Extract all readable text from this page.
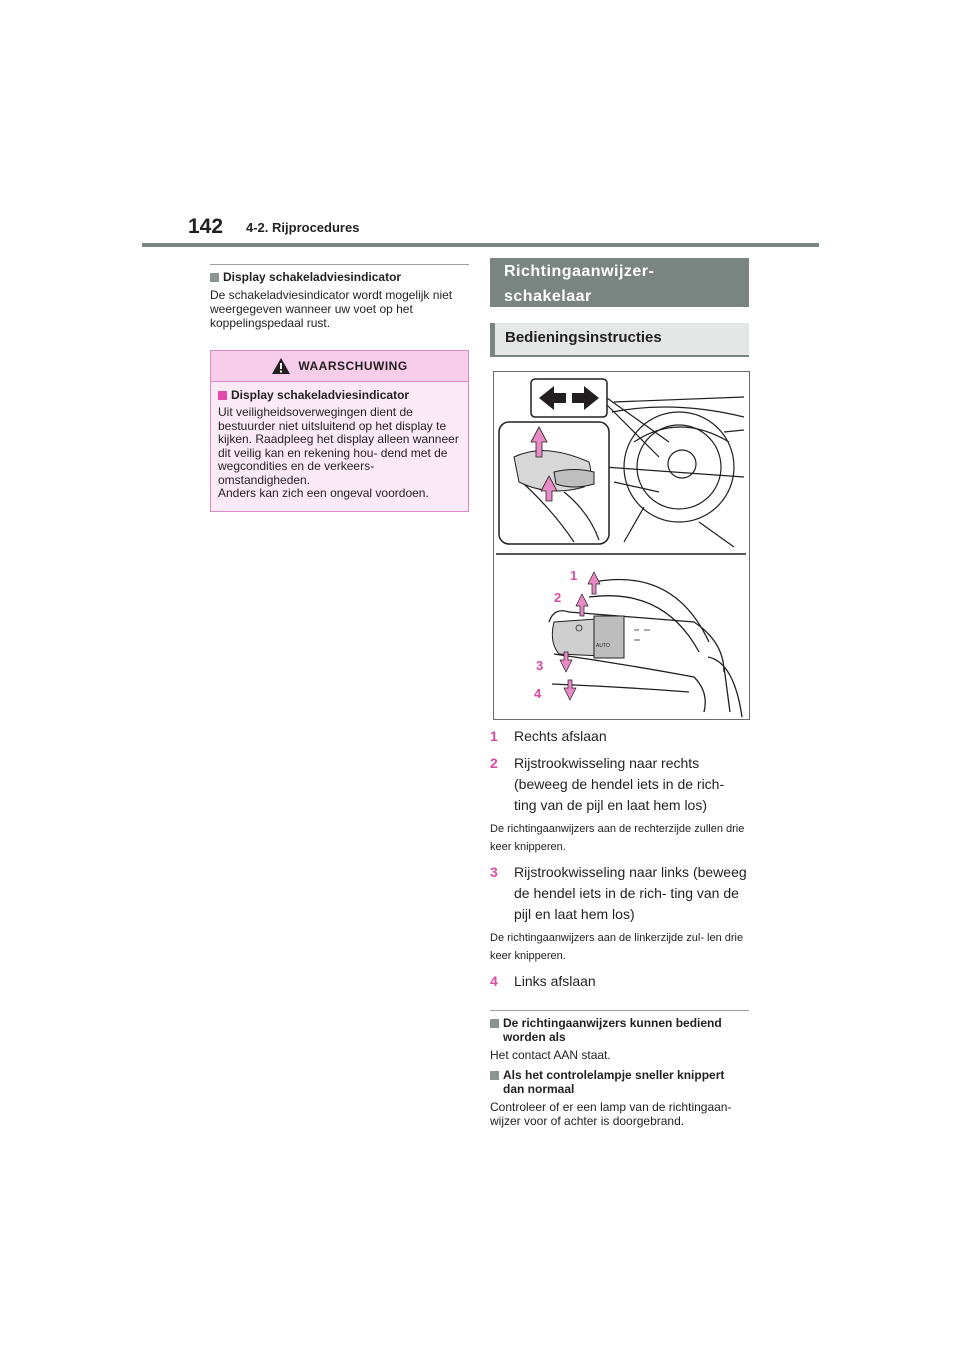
142 4-2. Rijprocedures
Display schakeladviesindicator
De schakeladviesindicator wordt mogelijk niet weergegeven wanneer uw voet op het koppelingspedaal rust.
WAARSCHUWING
Display schakeladviesindicator
Uit veiligheidsoverwegingen dient de bestuurder niet uitsluitend op het display te kijken. Raadpleeg het display alleen wanneer dit veilig kan en rekening hou- dend met de wegcondities en de verkeers- omstandigheden.
Anders kan zich een ongeval voordoen.
Richtingaanwijzer- schakelaar
Bedieningsinstructies
AUTO
1
2
3
4
1	Rechts afslaan
2	Rijstrookwisseling naar rechts (beweeg de hendel iets in de rich- ting van de pijl en laat hem los)
De richtingaanwijzers aan de rechterzijde zullen drie keer knipperen.
3	Rijstrookwisseling naar links (beweeg de hendel iets in de rich- ting van de pijl en laat hem los)
De richtingaanwijzers aan de linkerzijde zul- len drie keer knipperen.
4	Links afslaan
De richtingaanwijzers kunnen bediend worden als
Het contact AAN staat.
Als het controlelampje sneller knippert dan normaal
Controleer of er een lamp van de richtingaan- wijzer voor of achter is doorgebrand.
